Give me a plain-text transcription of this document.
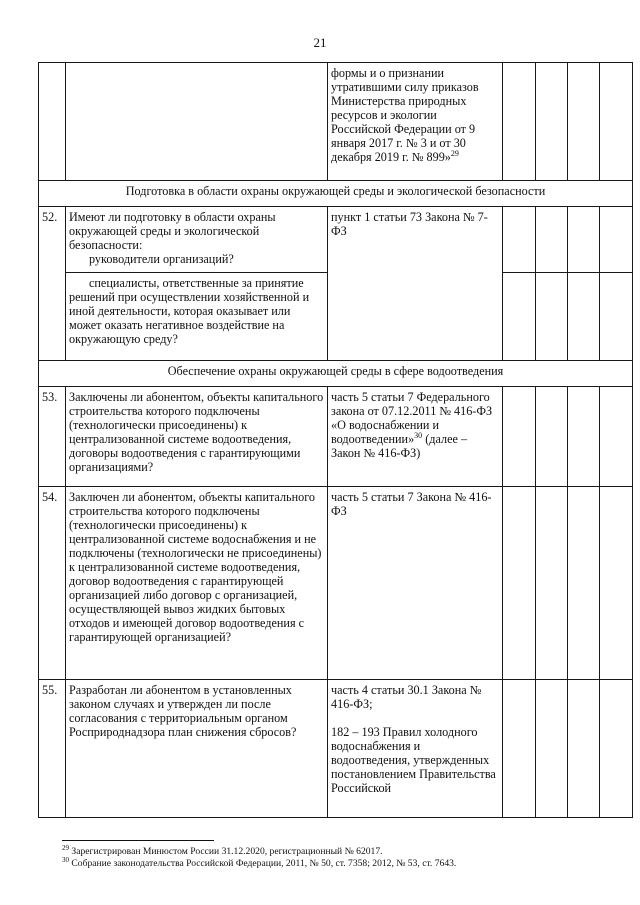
21
		формы и о признании утратившими силу приказов Министерства природных ресурсов и экологии Российской Федерации от 9 января 2017 г. № 3 и от 30 декабря 2019 г. № 899»$^{29}$				
Подготовка в области охраны окружающей среды и экологической безопасности						
52.	Имеют ли подготовку в области охраны окружающей среды и экологической безопасности:
руководители организаций?	пункт 1 статьи 73 Закона № 7-ФЗ				

	специалисты, ответственные за принятие решений при осуществлении хозяйственной и иной деятельности, которая оказывает или может оказать негативное воздействие на окружающую среду?					

Обеспечение охраны окружающей среды в сфере водоотведения						
53.	Заключены ли абонентом, объекты капитального строительства которого подключены (технологически присоединены) к централизованной системе водоотведения, договоры водоотведения с гарантирующими организациями?	часть 5 статьи 7 Федерального закона от 07.12.2011 № 416-ФЗ «О водоснабжении и водоотведении»$^{30}$ (далее – Закон № 416-ФЗ)				
54.	Заключен ли абонентом, объекты капитального строительства которого подключены (технологически присоединены) к централизованной системе водоснабжения и не подключены (технологически не присоединены) к централизованной системе водоотведения, договор водоотведения с гарантирующей организацией либо договор с организацией, осуществляющей вывоз жидких бытовых отходов и имеющей договор водоотведения с гарантирующей организацией?	часть 5 статьи 7 Закона № 416-ФЗ				
55.	Разработан ли абонентом в установленных законом случаях и утвержден ли после согласования с территориальным органом Росприроднадзора план снижения сбросов?	часть 4 статьи 30.1 Закона № 416-ФЗ;
182 – 193 Правил холодного водоснабжения и водоотведения, утвержденных постановлением Правительства Российской				

$^{29}$ Зарегистрирован Минюстом России 31.12.2020, регистрационный № 62017.
$^{30}$ Собрание законодательства Российской Федерации, 2011, № 50, ст. 7358; 2012, № 53, ст. 7643.
